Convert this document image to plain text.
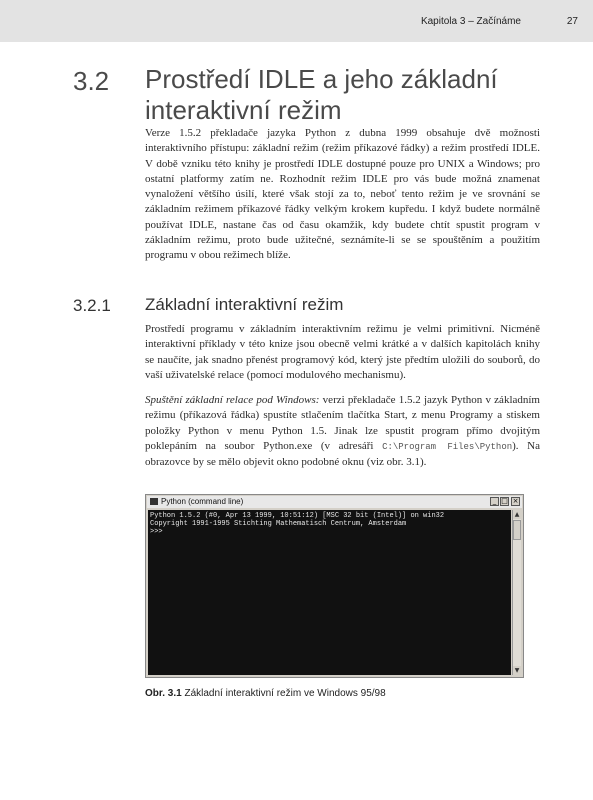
Kapitola 3 – Začínáme	27
3.2 Prostředí IDLE a jeho základní interaktivní režim

Verze 1.5.2 překladače jazyka Python z dubna 1999 obsahuje dvě možnosti interaktivního přístupu: základní režim (režim příkazové řádky) a režim prostředí IDLE. V době vzniku této knihy je prostředí IDLE dostupné pouze pro UNIX a Windows; pro ostatní platformy zatím ne. Rozhodnít režim IDLE pro vás bude možná znamenat vynaložení většího úsilí, které však stojí za to, neboť tento režim je ve srovnání se základním režimem příkazové řádky velkým krokem kupředu. I když budete normálně používat IDLE, nastane čas od času okamžik, kdy budete chtít spustit program v základním režimu, proto bude užitečné, seznámíte-li se se spouštěním a použitím programu v obou režimech blíže.

3.2.1 Základní interaktivní režim

Prostředí programu v základním interaktivním režimu je velmi primitivní. Nicméně interaktivní příklady v této knize jsou obecně velmi krátké a v dalších kapitolách knihy se naučíte, jak snadno přenést programový kód, který jste předtím uložili do souborů, do vaší uživatelské relace (pomocí modulového mechanismu).

Spuštění základní relace pod Windows: verzi překladače 1.5.2 jazyk Python v základním režimu (příkazová řádka) spustíte stlačením tlačítka Start, z menu Programy a stiskem položky Python v menu Python 1.5. Jinak lze spustit program přímo dvojitým poklepáním na soubor Python.exe (v adresáři C:\Program Files\Python). Na obrazovce by se mělo objevit okno podobné oknu (viz obr. 3.1).

Python (command line)	_ □ ×
Python 1.5.2 (#0, Apr 13 1999, 10:51:12) [MSC 32 bit (Intel)] on win32
Copyright 1991-1995 Stichting Mathematisch Centrum, Amsterdam
>>>
▲
▼
Obr. 3.1 Základní interaktivní režim ve Windows 95/98
